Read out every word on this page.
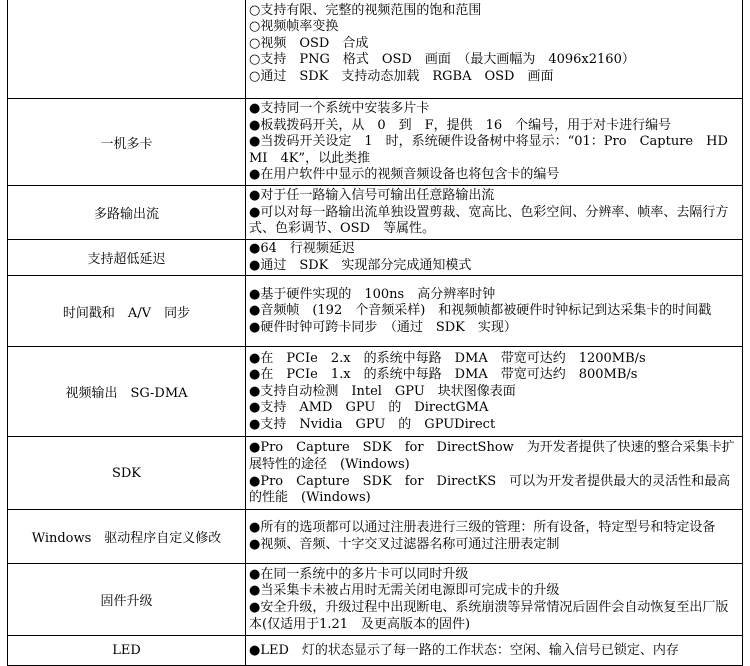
	○支持有限、完整的视频范围的饱和范围
○视频帧率变换
○视频　OSD　合成
○支持　PNG　格式　OSD　画面　（最大画幅为　4096x2160）
○通过　SDK　支持动态加载　RGBA　OSD　画面

一机多卡	●支持同一个系统中安装多片卡
●板载拨码开关，从　0　到　F，提供　16　个编号，用于对卡进行编号
●当拨码开关设定　1　时，系统硬件设备树中将显示：“01：Pro　Capture　HDMI　4K”，以此类推
●在用户软件中显示的视频音频设备也将包含卡的编号

多路输出流	●对于任一路输入信号可输出任意路输出流
●可以对每一路输出流单独设置剪裁、宽高比、色彩空间、分辨率、帧率、去隔行方式、色彩调节、OSD　等属性。

支持超低延迟	●64　行视频延迟
●通过　SDK　实现部分完成通知模式

时间戳和　A/V　同步	●基于硬件实现的　100ns　高分辨率时钟
●音频帧　(192　个音频采样)　和视频帧都被硬件时钟标记到达采集卡的时间戳
●硬件时钟可跨卡同步　（通过　SDK　实现）

视频输出　SG-DMA	●在　PCIe　2.x　的系统中每路　DMA　带宽可达约　1200MB/s
●在　PCIe　1.x　的系统中每路　DMA　带宽可达约　800MB/s
●支持自动检测　Intel　GPU　块状图像表面
●支持　AMD　GPU　的　DirectGMA
●支持　Nvidia　GPU　的　GPUDirect

SDK	●Pro　Capture　SDK　for　DirectShow　为开发者提供了快速的整合采集卡扩展特性的途径　(Windows)
●Pro　Capture　SDK　for　DirectKS　可以为开发者提供最大的灵活性和最高的性能　(Windows)

Windows　驱动程序自定义修改	●所有的选项都可以通过注册表进行三级的管理：所有设备，特定型号和特定设备
●视频、音频、十字交叉过滤器名称可通过注册表定制

固件升级	●在同一系统中的多片卡可以同时升级
●当采集卡未被占用时无需关闭电源即可完成卡的升级
●安全升级，升级过程中出现断电、系统崩溃等异常情况后固件会自动恢复至出厂版本(仅适用于1.21　及更高版本的固件)

LED	●LED　灯的状态显示了每一路的工作状态：空闲、输入信号已锁定、内存
